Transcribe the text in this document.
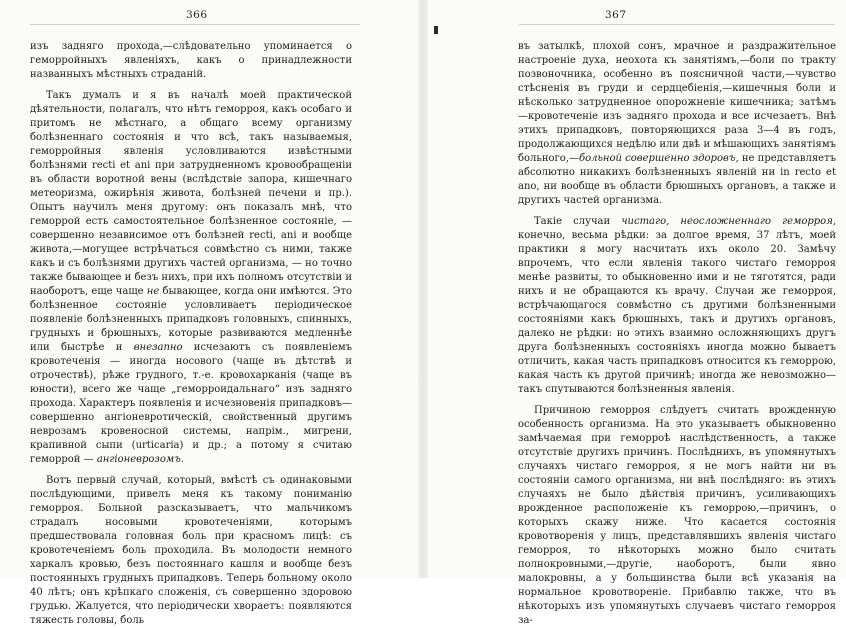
366

изъ задняго прохода,—слѣдовательно упоминается о геморройныхъ явленіяхъ, какъ о принадлежности названныхъ мѣстныхъ страданій.

Такъ думалъ и я въ началѣ моей практической дѣятельности, полагалъ, что нѣтъ геморроя, какъ особаго и притомъ не мѣстнаго, а общаго всему организму болѣзненнаго состоянія и что всѣ, такъ называемыя, геморройныя явленія условливаются извѣстными болѣзнями recti et ani при затрудненномъ кровообращеніи въ области воротной вены (вслѣдствіе запора, кишечнаго метеоризма, ожирѣнія живота, болѣзней печени и пр.). Опытъ научилъ меня другому: онъ показалъ мнѣ, что геморрой есть самостоятельное болѣзненное состояніе, — совершенно независимое отъ болѣзней recti, ani и вообще живота,—могущее встрѣчаться совмѣстно съ ними, также какъ и съ болѣзнями другихъ частей организма, — но точно также бывающее и безъ нихъ, при ихъ полномъ отсутствіи и наоборотъ, еще чаще не бывающее, когда они имѣются. Это болѣзненное состояніе условливаетъ періодическое появленіе болѣзненныхъ припадковъ головныхъ, спинныхъ, грудныхъ и брюшныхъ, которые развиваются медленнѣе или быстрѣе и внезапно исчезаютъ съ появленіемъ кровотеченія — иногда носового (чаще въ дѣтствѣ и отрочествѣ), рѣже грудного, т.-е. кровохарканія (чаще въ юности), всего же чаще „геморроидальнаго“ изъ задняго прохода. Характеръ появленія и исчезновенія припадковъ—совершенно ангіоневротическій, свойственный другимъ неврозамъ кровеносной системы, напрім., мигрени, крапивной сыпи (urticaria) и др.; а потому я считаю геморрой — ангіоневрозомъ.

Вотъ первый случай, который, вмѣстѣ съ одинаковыми послѣдующими, привелъ меня къ такому пониманію геморроя. Больной разсказываетъ, что мальчикомъ страдалъ носовыми кровотеченіями, которымъ предшествовала головная боль при красномъ лицѣ: съ кровотеченіемъ боль проходила. Въ молодости немного харкалъ кровью, безъ постояннаго кашля и вообще безъ постоянныхъ грудныхъ припадковъ. Теперь больному около 40 лѣтъ; онъ крѣпкаго сложенія, съ совершенно здоровою грудью. Жалуется, что періодически хвораетъ: появляются тяжесть головы, боль

367

въ затылкѣ, плохой сонъ, мрачное и раздражительное настроеніе духа, неохота къ занятіямъ,—боли по тракту позвоночника, особенно въ поясничной части,—чувство стѣсненія въ груди и сердцебіенія,—кишечныя боли и нѣсколько затрудненное опорожненіе кишечника; затѣмъ—кровотеченіе изъ задняго прохода и все исчезаетъ. Внѣ этихъ припадковъ, повторяющихся раза 3—4 въ годъ, продолжающихся недѣлю или двѣ и мѣшающихъ занятіямъ больного,—больной совершенно здоровъ, не представляетъ абсолютно никакихъ болѣзненныхъ явленій ни in recto et ano, ни вообще въ области брюшныхъ органовъ, а также и другихъ частей организма.

Такіе случаи чистаго, неосложненнаго геморроя, конечно, весьма рѣдки: за долгое время, 37 лѣтъ, моей практики я могу насчитать ихъ около 20. Замѣчу впрочемъ, что если явленія такого чистаго геморроя менѣе развиты, то обыкновенно ими и не тяготятся, ради нихъ и не обращаются къ врачу. Случаи же геморроя, встрѣчающагося совмѣстно съ другими болѣзненными состояніями какъ брюшныхъ, такъ и другихъ органовъ, далеко не рѣдки: но этихъ взаимно осложняющихъ другъ друга болѣзненныхъ состояніяхъ иногда можно бываетъ отличить, какая часть припадковъ относится къ геморрою, какая часть къ другой причинѣ; иногда же невозможно—такъ спутываются болѣзненныя явленія.

Причиною геморроя слѣдуетъ считать врожденную особенность организма. На это указываетъ обыкновенно замѣчаемая при геморроѣ наслѣдственность, а также отсутствіе другихъ причинъ. Послѣднихъ, въ упомянутыхъ случаяхъ чистаго геморроя, я не могъ найти ни въ состояніи самого организма, ни внѣ послѣдняго: въ этихъ случаяхъ не было дѣйствія причинъ, усиливающихъ врожденное расположеніе къ геморрою,—причинъ, о которыхъ скажу ниже. Что касается состоянія кровотворенія у лицъ, представлявшихъ явленія чистаго геморроя, то нѣкоторыхъ можно было считать полнокровными,—другіе, наоборотъ, были явно малокровны, а у большинства были всѣ указанія на нормальное кровотвореніе. Прибавлю также, что въ нѣкоторыхъ изъ упомянутыхъ случаевъ чистаго геморроя за-
